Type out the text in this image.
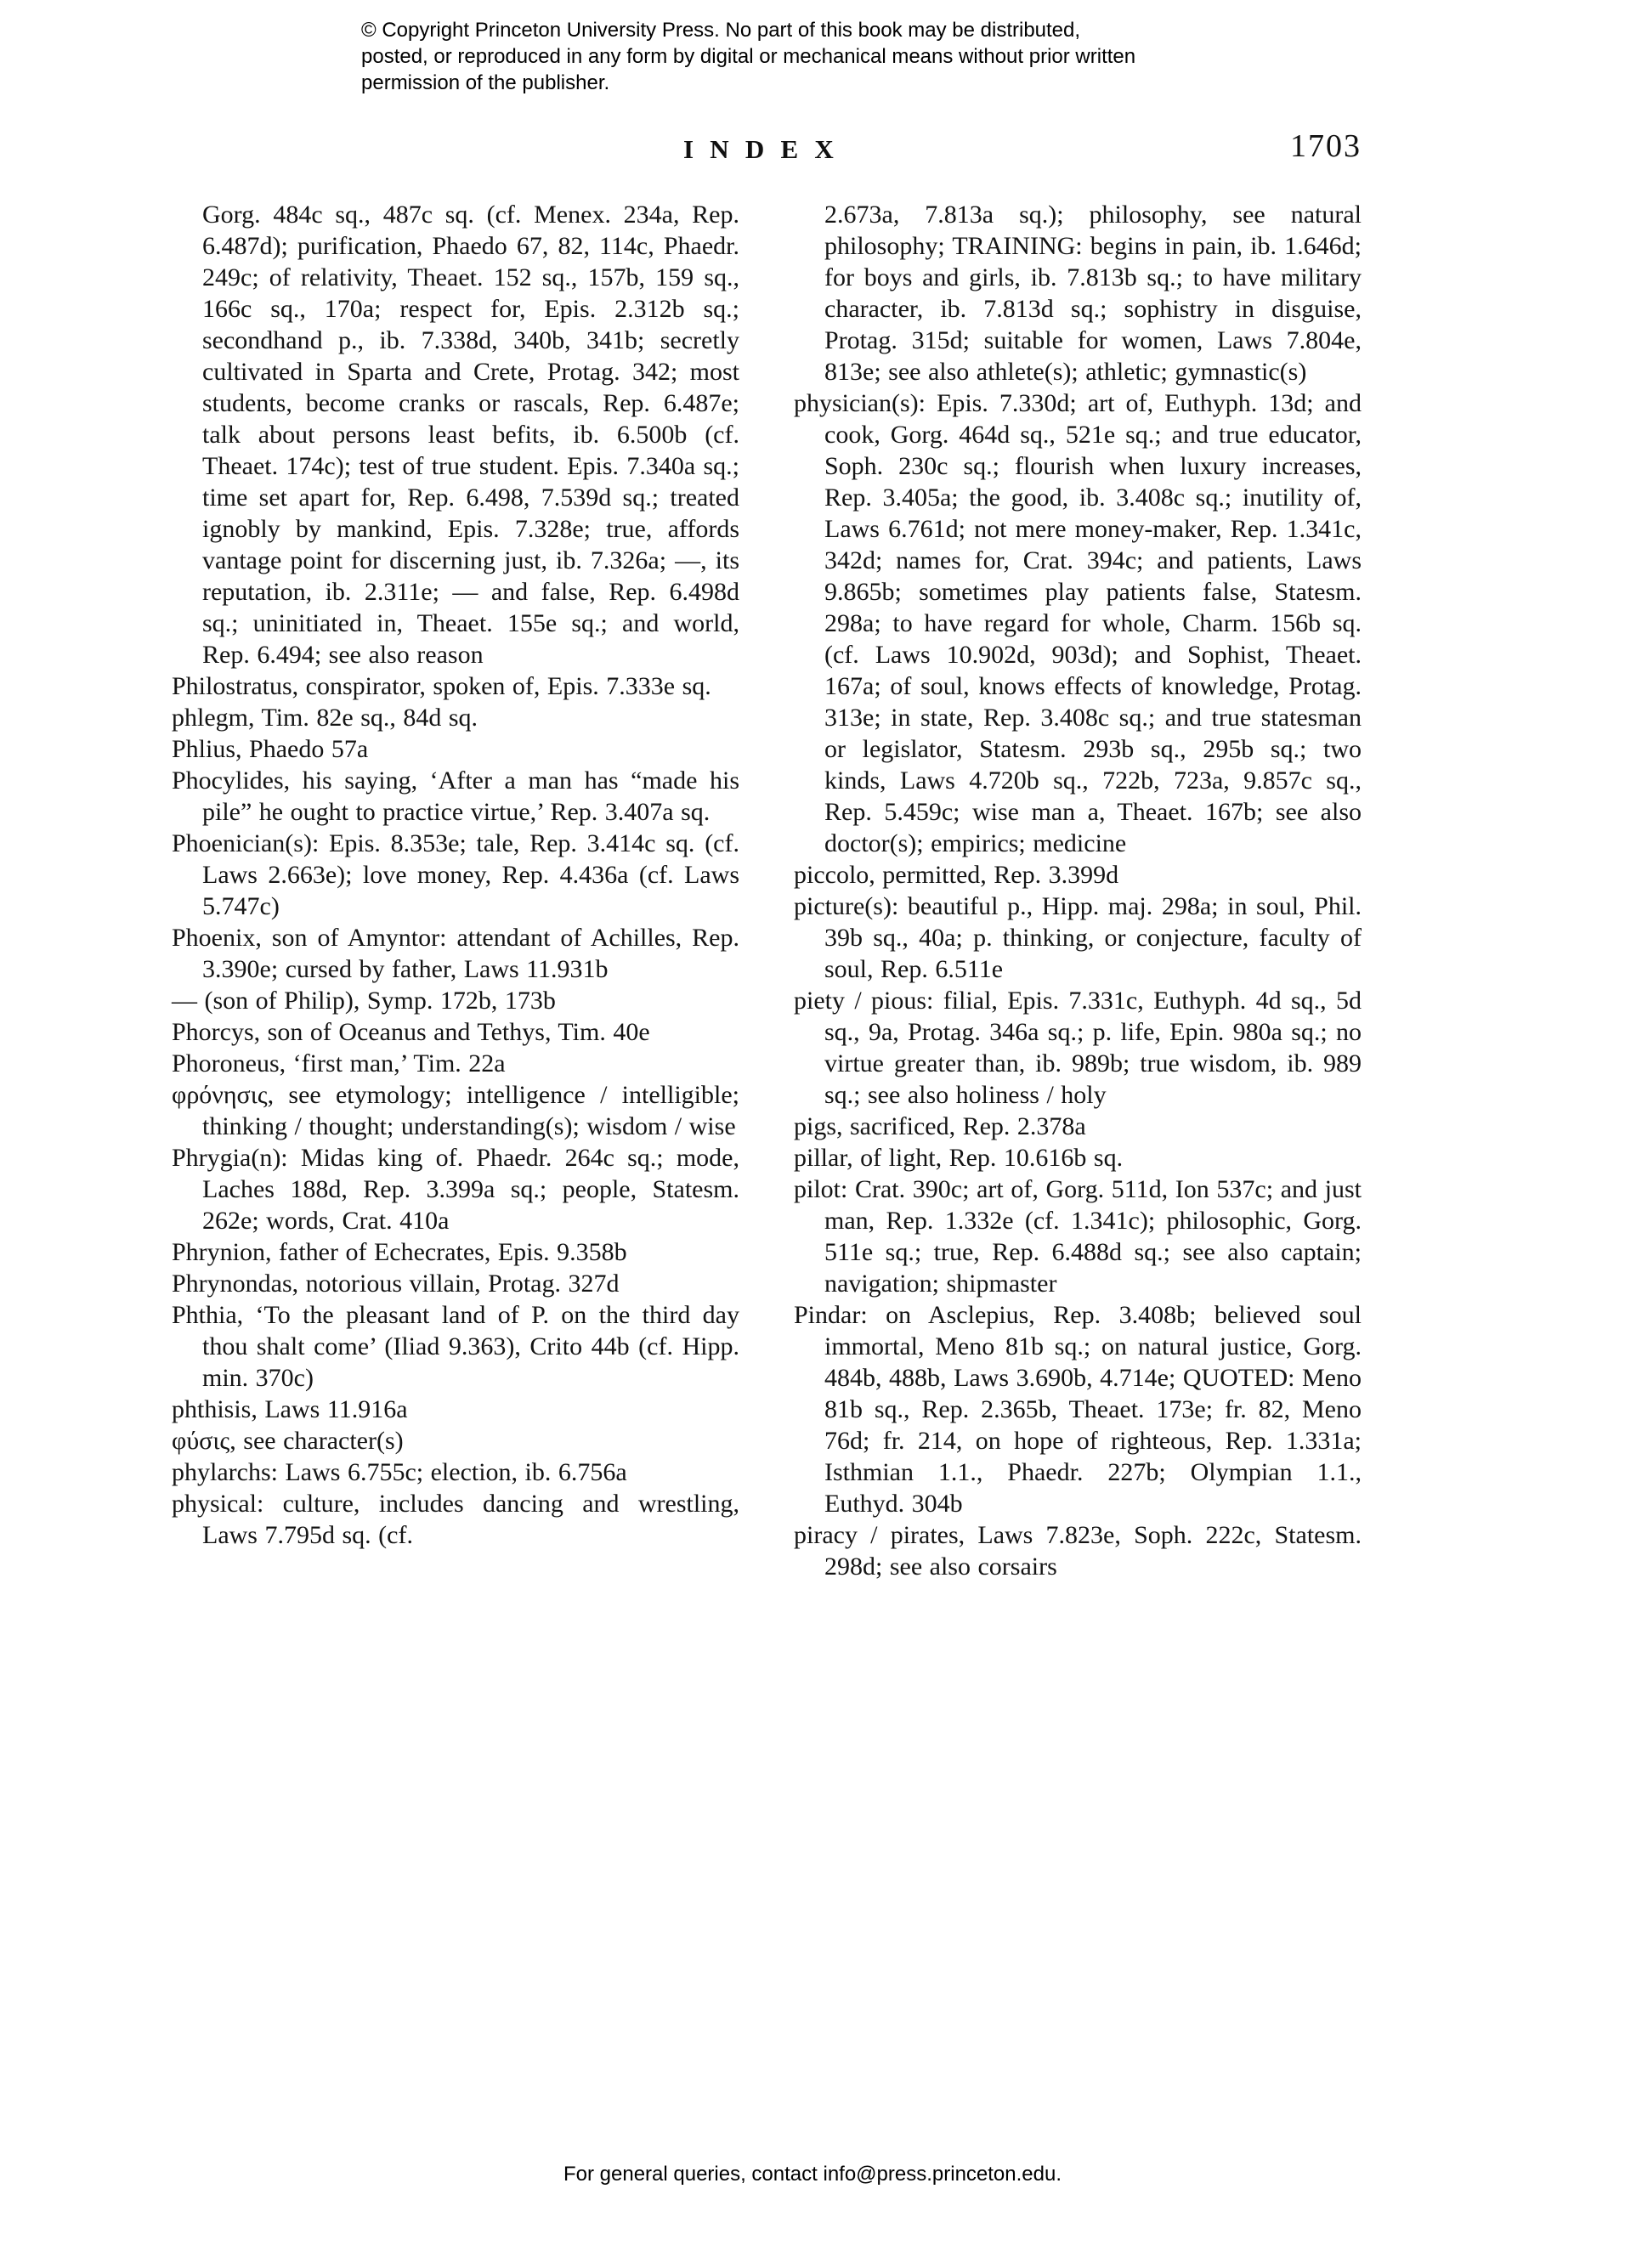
© Copyright Princeton University Press. No part of this book may be distributed, posted, or reproduced in any form by digital or mechanical means without prior written permission of the publisher.
INDEX	1703

Gorg. 484c sq., 487c sq. (cf. Menex. 234a, Rep. 6.487d); purification, Phaedo 67, 82, 114c, Phaedr. 249c; of relativity, Theaet. 152 sq., 157b, 159 sq., 166c sq., 170a; respect for, Epis. 2.312b sq.; secondhand p., ib. 7.338d, 340b, 341b; secretly cultivated in Sparta and Crete, Protag. 342; most students, become cranks or rascals, Rep. 6.487e; talk about persons least befits, ib. 6.500b (cf. Theaet. 174c); test of true student. Epis. 7.340a sq.; time set apart for, Rep. 6.498, 7.539d sq.; treated ignobly by mankind, Epis. 7.328e; true, affords vantage point for discerning just, ib. 7.326a; —, its reputation, ib. 2.311e; — and false, Rep. 6.498d sq.; uninitiated in, Theaet. 155e sq.; and world, Rep. 6.494; see also reason

Philostratus, conspirator, spoken of, Epis. 7.333e sq.

phlegm, Tim. 82e sq., 84d sq.

Phlius, Phaedo 57a

Phocylides, his saying, ‘After a man has “made his pile” he ought to practice virtue,’ Rep. 3.407a sq.

Phoenician(s): Epis. 8.353e; tale, Rep. 3.414c sq. (cf. Laws 2.663e); love money, Rep. 4.436a (cf. Laws 5.747c)

Phoenix, son of Amyntor: attendant of Achilles, Rep. 3.390e; cursed by father, Laws 11.931b

— (son of Philip), Symp. 172b, 173b

Phorcys, son of Oceanus and Tethys, Tim. 40e

Phoroneus, ‘first man,’ Tim. 22a

φρόνησις, see etymology; intelligence / intelligible; thinking / thought; understanding(s); wisdom / wise

Phrygia(n): Midas king of. Phaedr. 264c sq.; mode, Laches 188d, Rep. 3.399a sq.; people, Statesm. 262e; words, Crat. 410a

Phrynion, father of Echecrates, Epis. 9.358b

Phrynondas, notorious villain, Protag. 327d

Phthia, ‘To the pleasant land of P. on the third day thou shalt come’ (Iliad 9.363), Crito 44b (cf. Hipp. min. 370c)

phthisis, Laws 11.916a

φύσις, see character(s)

phylarchs: Laws 6.755c; election, ib. 6.756a

physical: culture, includes dancing and wrestling, Laws 7.795d sq. (cf.

2.673a, 7.813a sq.); philosophy, see natural philosophy; TRAINING: begins in pain, ib. 1.646d; for boys and girls, ib. 7.813b sq.; to have military character, ib. 7.813d sq.; sophistry in disguise, Protag. 315d; suitable for women, Laws 7.804e, 813e; see also athlete(s); athletic; gymnastic(s)

physician(s): Epis. 7.330d; art of, Euthyph. 13d; and cook, Gorg. 464d sq., 521e sq.; and true educator, Soph. 230c sq.; flourish when luxury increases, Rep. 3.405a; the good, ib. 3.408c sq.; inutility of, Laws 6.761d; not mere money-maker, Rep. 1.341c, 342d; names for, Crat. 394c; and patients, Laws 9.865b; sometimes play patients false, Statesm. 298a; to have regard for whole, Charm. 156b sq. (cf. Laws 10.902d, 903d); and Sophist, Theaet. 167a; of soul, knows effects of knowledge, Protag. 313e; in state, Rep. 3.408c sq.; and true statesman or legislator, Statesm. 293b sq., 295b sq.; two kinds, Laws 4.720b sq., 722b, 723a, 9.857c sq., Rep. 5.459c; wise man a, Theaet. 167b; see also doctor(s); empirics; medicine

piccolo, permitted, Rep. 3.399d

picture(s): beautiful p., Hipp. maj. 298a; in soul, Phil. 39b sq., 40a; p. thinking, or conjecture, faculty of soul, Rep. 6.511e

piety / pious: filial, Epis. 7.331c, Euthyph. 4d sq., 5d sq., 9a, Protag. 346a sq.; p. life, Epin. 980a sq.; no virtue greater than, ib. 989b; true wisdom, ib. 989 sq.; see also holiness / holy

pigs, sacrificed, Rep. 2.378a

pillar, of light, Rep. 10.616b sq.

pilot: Crat. 390c; art of, Gorg. 511d, Ion 537c; and just man, Rep. 1.332e (cf. 1.341c); philosophic, Gorg. 511e sq.; true, Rep. 6.488d sq.; see also captain; navigation; shipmaster

Pindar: on Asclepius, Rep. 3.408b; believed soul immortal, Meno 81b sq.; on natural justice, Gorg. 484b, 488b, Laws 3.690b, 4.714e; QUOTED: Meno 81b sq., Rep. 2.365b, Theaet. 173e; fr. 82, Meno 76d; fr. 214, on hope of righteous, Rep. 1.331a; Isthmian 1.1., Phaedr. 227b; Olympian 1.1., Euthyd. 304b

piracy / pirates, Laws 7.823e, Soph. 222c, Statesm. 298d; see also corsairs

For general queries, contact info@press.princeton.edu.
